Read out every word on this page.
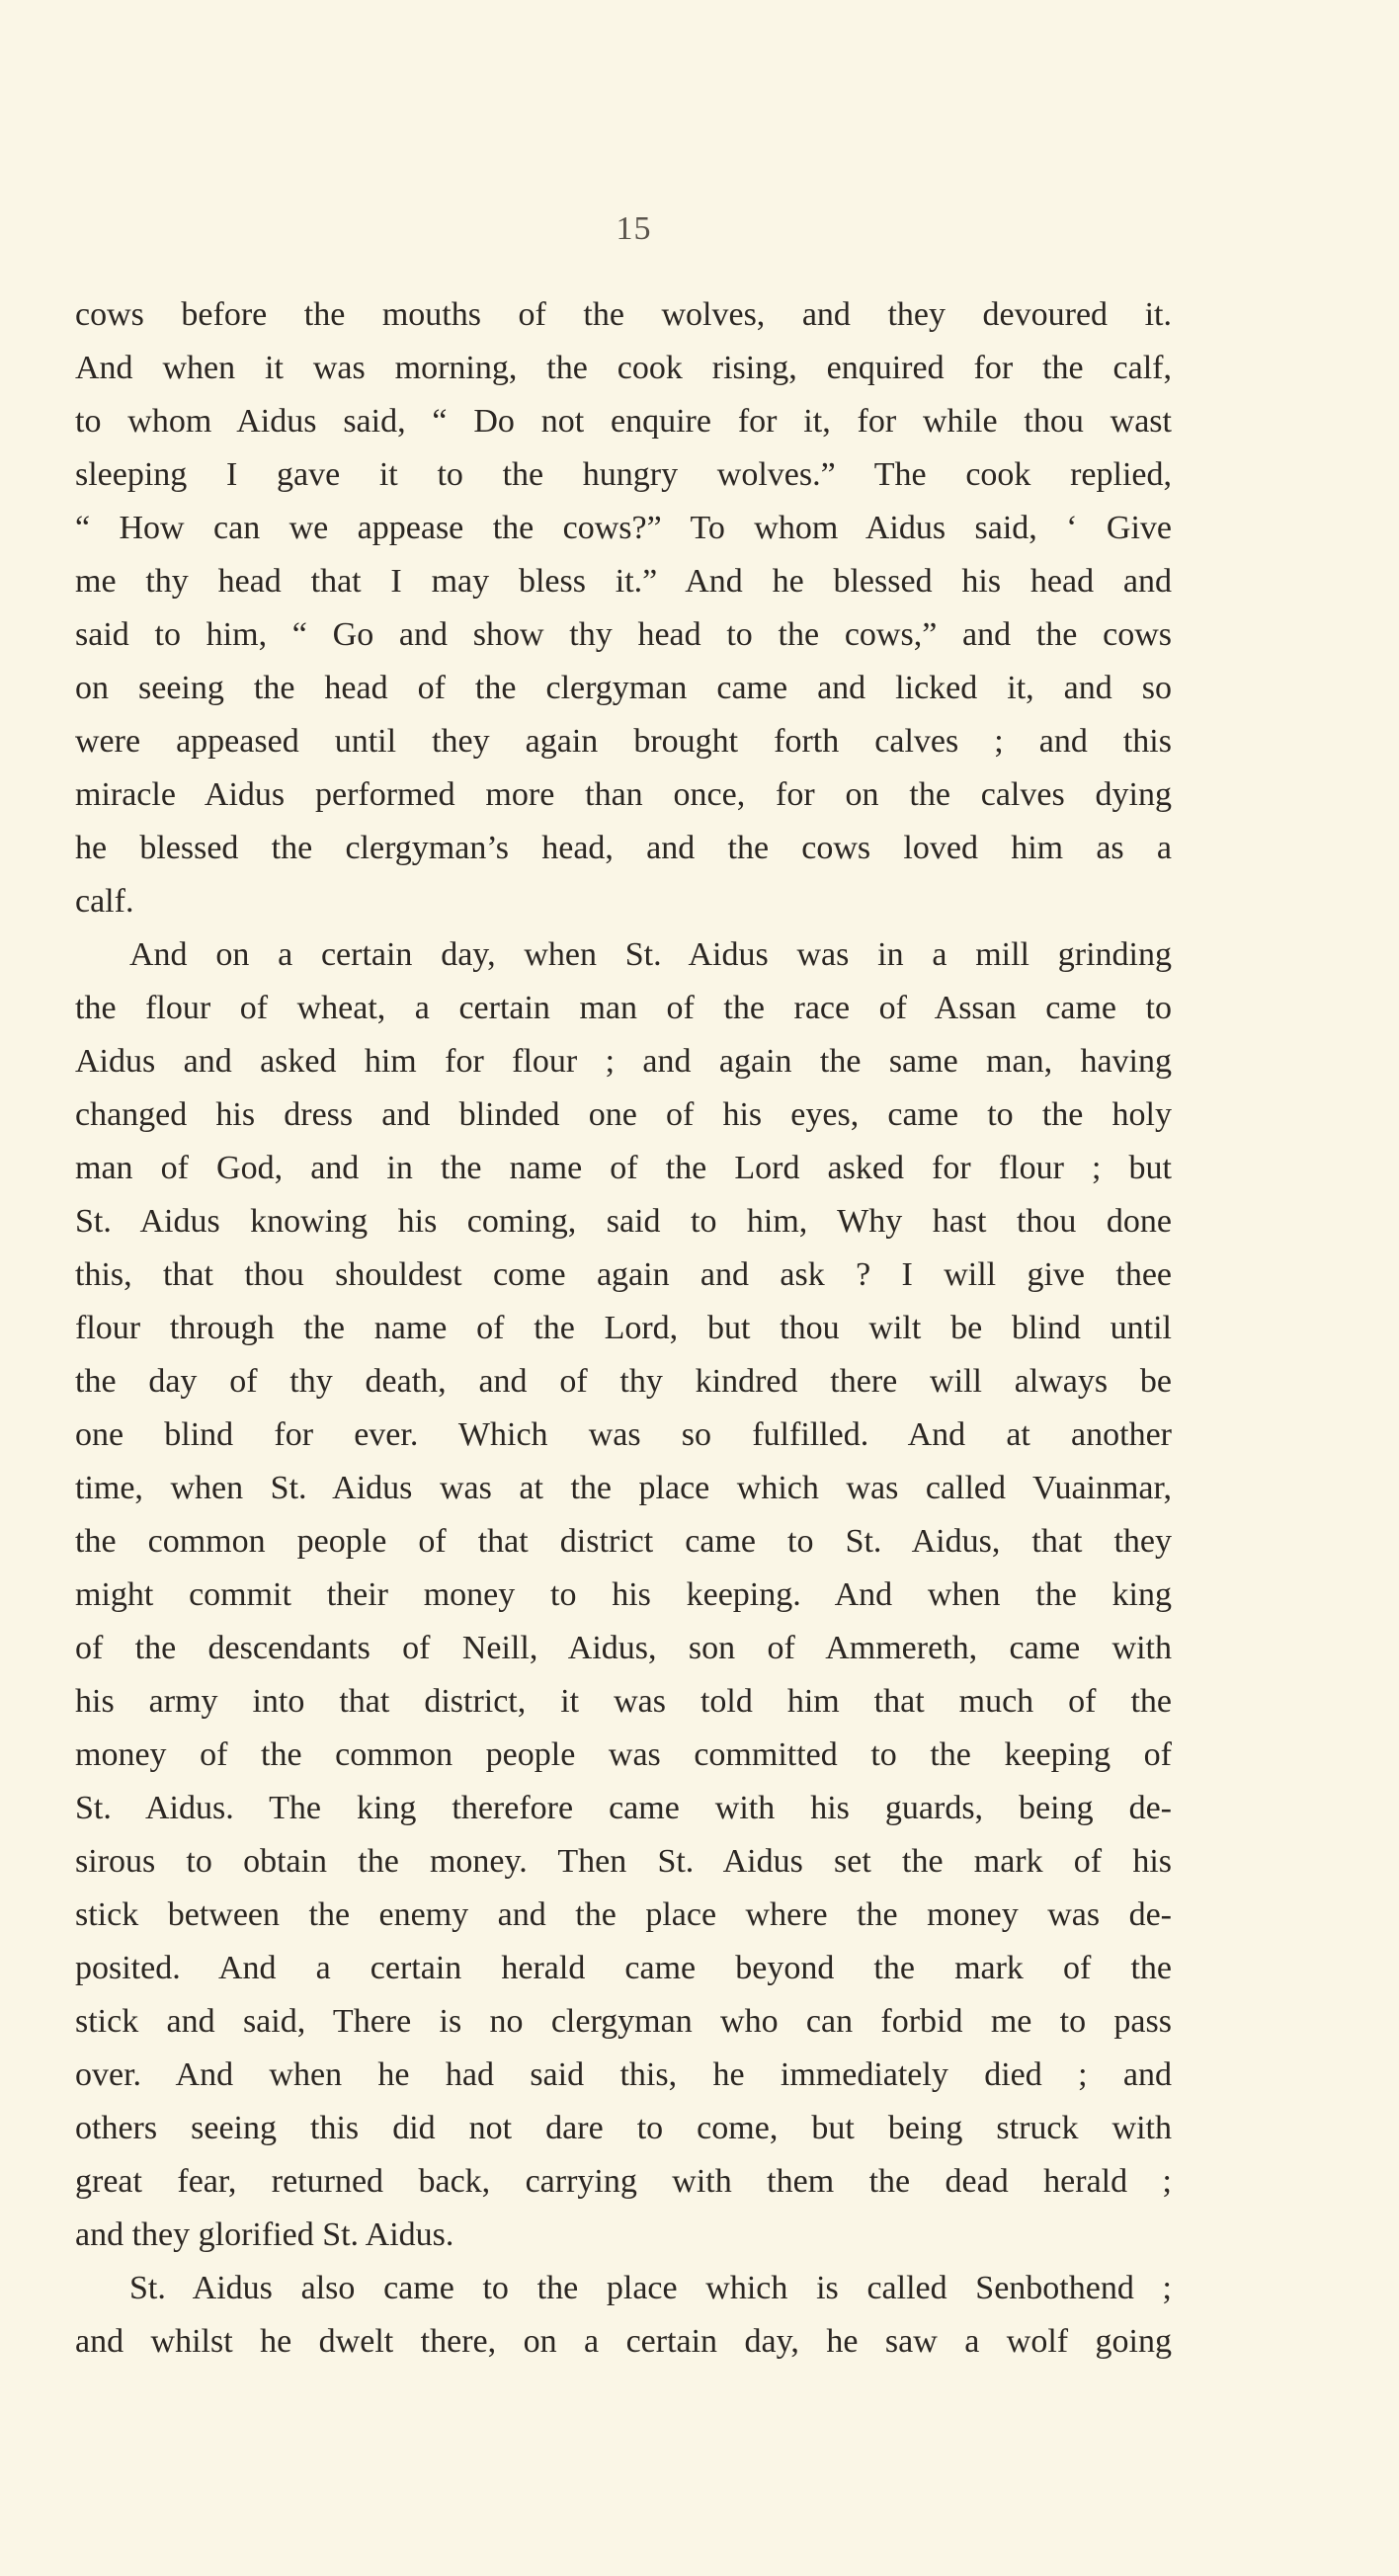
15
cows before the mouths of the wolves, and they devoured it.
And when it was morning, the cook rising, enquired for the calf,
to whom Aidus said, “ Do not enquire for it, for while thou wast
sleeping I gave it to the hungry wolves.” The cook replied,
“ How can we appease the cows?” To whom Aidus said, ‘ Give
me thy head that I may bless it.” And he blessed his head and
said to him, “ Go and show thy head to the cows,” and the cows
on seeing the head of the clergyman came and licked it, and so
were appeased until they again brought forth calves ; and this
miracle Aidus performed more than once, for on the calves dying
he blessed the clergyman’s head, and the cows loved him as a
calf.
And on a certain day, when St. Aidus was in a mill grinding
the flour of wheat, a certain man of the race of Assan came to
Aidus and asked him for flour ; and again the same man, having
changed his dress and blinded one of his eyes, came to the holy
man of God, and in the name of the Lord asked for flour ; but
St. Aidus knowing his coming, said to him, Why hast thou done
this, that thou shouldest come again and ask ? I will give thee
flour through the name of the Lord, but thou wilt be blind until
the day of thy death, and of thy kindred there will always be
one blind for ever. Which was so fulfilled. And at another
time, when St. Aidus was at the place which was called Vuainmar,
the common people of that district came to St. Aidus, that they
might commit their money to his keeping. And when the king
of the descendants of Neill, Aidus, son of Ammereth, came with
his army into that district, it was told him that much of the
money of the common people was committed to the keeping of
St. Aidus. The king therefore came with his guards, being de-
sirous to obtain the money. Then St. Aidus set the mark of his
stick between the enemy and the place where the money was de-
posited. And a certain herald came beyond the mark of the
stick and said, There is no clergyman who can forbid me to pass
over. And when he had said this, he immediately died ; and
others seeing this did not dare to come, but being struck with
great fear, returned back, carrying with them the dead herald ;
and they glorified St. Aidus.
St. Aidus also came to the place which is called Senbothend ;
and whilst he dwelt there, on a certain day, he saw a wolf going
